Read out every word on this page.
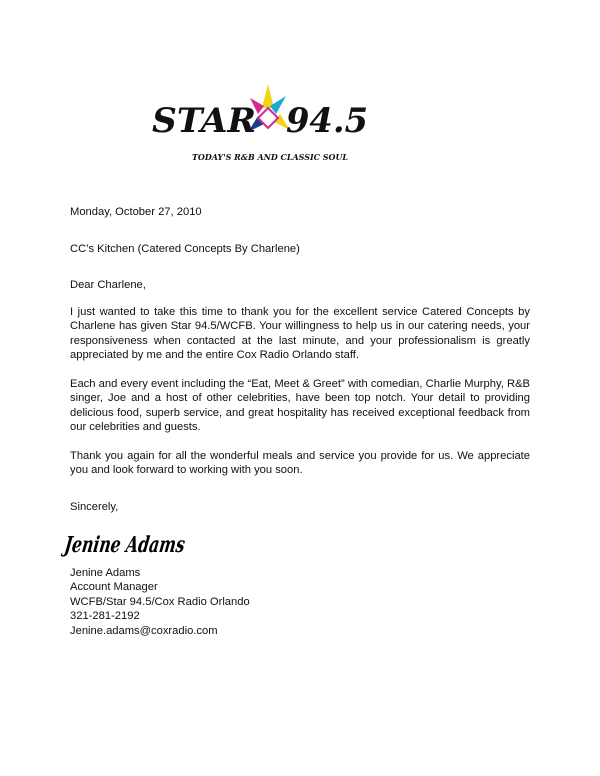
STAR 94.5
TODAY'S R&B AND CLASSIC SOUL

Monday, October 27, 2010

CC’s Kitchen (Catered Concepts By Charlene)

Dear Charlene,

I just wanted to take this time to thank you for the excellent service Catered Concepts by Charlene has given Star 94.5/WCFB. Your willingness to help us in our catering needs, your responsiveness when contacted at the last minute, and your professionalism is greatly appreciated by me and the entire Cox Radio Orlando staff.

Each and every event including the “Eat, Meet & Greet” with comedian, Charlie Murphy, R&B singer, Joe and a host of other celebrities, have been top notch. Your detail to providing delicious food, superb service, and great hospitality has received exceptional feedback from our celebrities and guests.

Thank you again for all the wonderful meals and service you provide for us. We appreciate you and look forward to working with you soon.

Sincerely,

Jenine Adams

Jenine Adams

Account Manager

WCFB/Star 94.5/Cox Radio Orlando

321-281-2192

Jenine.adams@coxradio.com
